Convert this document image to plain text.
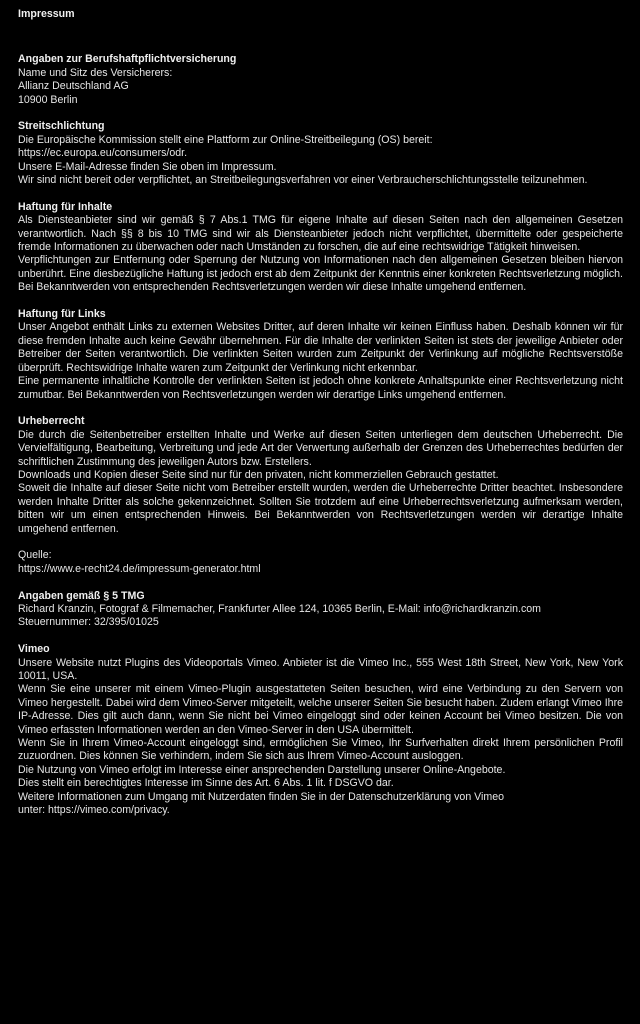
Impressum
Angaben zur Berufshaftpflichtversicherung
Name und Sitz des Versicherers:
Allianz Deutschland AG
10900 Berlin
Streitschlichtung
Die Europäische Kommission stellt eine Plattform zur Online-Streitbeilegung (OS) bereit:
https://ec.europa.eu/consumers/odr.
Unsere E-Mail-Adresse finden Sie oben im Impressum.
Wir sind nicht bereit oder verpflichtet, an Streitbeilegungsverfahren vor einer Verbraucherschlichtungsstelle teilzunehmen.
Haftung für Inhalte
Als Diensteanbieter sind wir gemäß § 7 Abs.1 TMG für eigene Inhalte auf diesen Seiten nach den allgemeinen Gesetzen verantwortlich. Nach §§ 8 bis 10 TMG sind wir als Diensteanbieter jedoch nicht verpflichtet, übermittelte oder gespeicherte fremde Informationen zu überwachen oder nach Umständen zu forschen, die auf eine rechtswidrige Tätigkeit hinweisen.
Verpflichtungen zur Entfernung oder Sperrung der Nutzung von Informationen nach den allgemeinen Gesetzen bleiben hiervon unberührt. Eine diesbezügliche Haftung ist jedoch erst ab dem Zeitpunkt der Kenntnis einer konkreten Rechtsverletzung möglich. Bei Bekanntwerden von entsprechenden Rechtsverletzungen werden wir diese Inhalte umgehend entfernen.
Haftung für Links
Unser Angebot enthält Links zu externen Websites Dritter, auf deren Inhalte wir keinen Einfluss haben. Deshalb können wir für diese fremden Inhalte auch keine Gewähr übernehmen. Für die Inhalte der verlinkten Seiten ist stets der jeweilige Anbieter oder Betreiber der Seiten verantwortlich. Die verlinkten Seiten wurden zum Zeitpunkt der Verlinkung auf mögliche Rechtsverstöße überprüft. Rechtswidrige Inhalte waren zum Zeitpunkt der Verlinkung nicht erkennbar.
Eine permanente inhaltliche Kontrolle der verlinkten Seiten ist jedoch ohne konkrete Anhaltspunkte einer Rechtsverletzung nicht zumutbar. Bei Bekanntwerden von Rechtsverletzungen werden wir derartige Links umgehend entfernen.
Urheberrecht
Die durch die Seitenbetreiber erstellten Inhalte und Werke auf diesen Seiten unterliegen dem deutschen Urheberrecht. Die Vervielfältigung, Bearbeitung, Verbreitung und jede Art der Verwertung außerhalb der Grenzen des Urheberrechtes bedürfen der schriftlichen Zustimmung des jeweiligen Autors bzw. Erstellers.
Downloads und Kopien dieser Seite sind nur für den privaten, nicht kommerziellen Gebrauch gestattet.
Soweit die Inhalte auf dieser Seite nicht vom Betreiber erstellt wurden, werden die Urheberrechte Dritter beachtet. Insbesondere werden Inhalte Dritter als solche gekennzeichnet. Sollten Sie trotzdem auf eine Urheberrechtsverletzung aufmerksam werden, bitten wir um einen entsprechenden Hinweis. Bei Bekanntwerden von Rechtsverletzungen werden wir derartige Inhalte umgehend entfernen.
Quelle:
https://www.e-recht24.de/impressum-generator.html
Angaben gemäß § 5 TMG
Richard Kranzin, Fotograf & Filmemacher, Frankfurter Allee 124, 10365 Berlin, E-Mail: info@richardkranzin.com
Steuernummer: 32/395/01025
Vimeo
Unsere Website nutzt Plugins des Videoportals Vimeo. Anbieter ist die Vimeo Inc., 555 West 18th Street, New York, New York 10011, USA.
Wenn Sie eine unserer mit einem Vimeo-Plugin ausgestatteten Seiten besuchen, wird eine Verbindung zu den Servern von Vimeo hergestellt. Dabei wird dem Vimeo-Server mitgeteilt, welche unserer Seiten Sie besucht haben. Zudem erlangt Vimeo Ihre IP-Adresse. Dies gilt auch dann, wenn Sie nicht bei Vimeo eingeloggt sind oder keinen Account bei Vimeo besitzen. Die von Vimeo erfassten Informationen werden an den Vimeo-Server in den USA übermittelt.
Wenn Sie in Ihrem Vimeo-Account eingeloggt sind, ermöglichen Sie Vimeo, Ihr Surfverhalten direkt Ihrem persönlichen Profil zuzuordnen. Dies können Sie verhindern, indem Sie sich aus Ihrem Vimeo-Account ausloggen.
Die Nutzung von Vimeo erfolgt im Interesse einer ansprechenden Darstellung unserer Online-Angebote.
Dies stellt ein berechtigtes Interesse im Sinne des Art. 6 Abs. 1 lit. f DSGVO dar.
Weitere Informationen zum Umgang mit Nutzerdaten finden Sie in der Datenschutzerklärung von Vimeo
unter: https://vimeo.com/privacy.
